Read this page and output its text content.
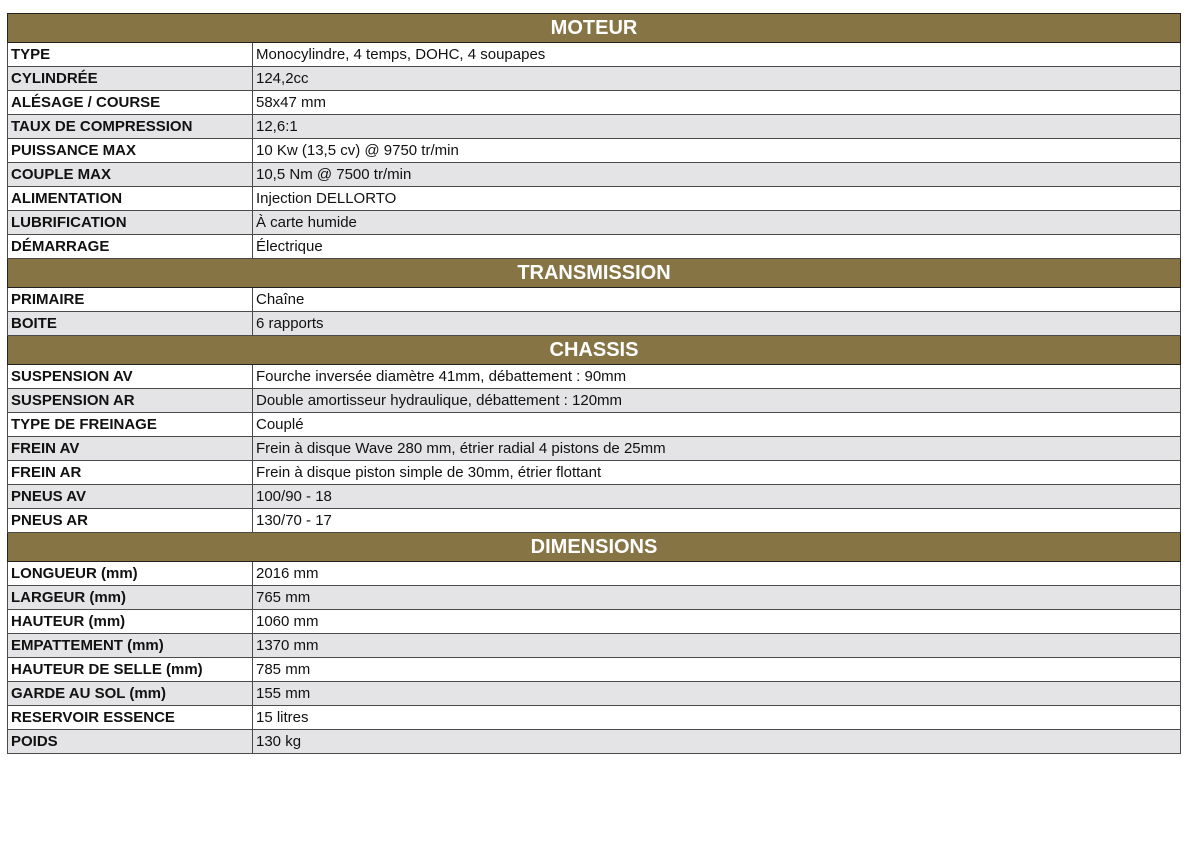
MOTEUR	
TYPE	Monocylindre, 4 temps, DOHC, 4 soupapes
CYLINDRÉE	124,2cc
ALÉSAGE / COURSE	58x47 mm
TAUX DE COMPRESSION	12,6:1
PUISSANCE MAX	10 Kw (13,5 cv) @ 9750 tr/min
COUPLE MAX	10,5 Nm @ 7500 tr/min
ALIMENTATION	Injection DELLORTO
LUBRIFICATION	À carte humide
DÉMARRAGE	Électrique
TRANSMISSION	
PRIMAIRE	Chaîne
BOITE	6 rapports
CHASSIS	
SUSPENSION AV	Fourche inversée diamètre 41mm, débattement : 90mm
SUSPENSION AR	Double amortisseur hydraulique, débattement : 120mm
TYPE DE FREINAGE	Couplé
FREIN AV	Frein à disque Wave 280 mm, étrier radial 4 pistons de 25mm
FREIN AR	Frein à disque piston simple de 30mm, étrier flottant
PNEUS AV	100/90 - 18
PNEUS AR	130/70 - 17
DIMENSIONS	
LONGUEUR (mm)	2016 mm
LARGEUR (mm)	765 mm
HAUTEUR (mm)	1060 mm
EMPATTEMENT (mm)	1370 mm
HAUTEUR DE SELLE (mm)	785 mm
GARDE AU SOL (mm)	155 mm
RESERVOIR ESSENCE	15 litres
POIDS	130 kg
